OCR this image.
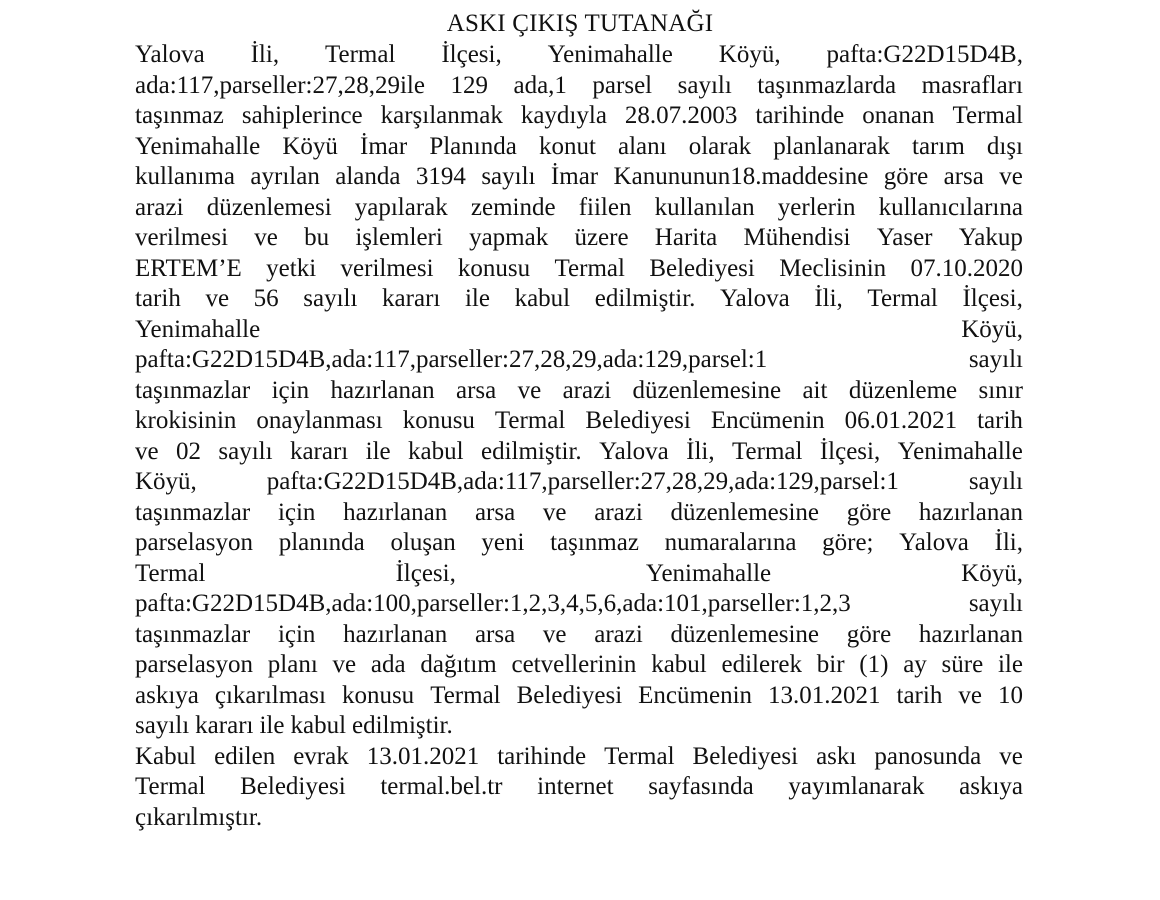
ASKI ÇIKIŞ TUTANAĞI
Yalova İli, Termal İlçesi, Yenimahalle Köyü, pafta:G22D15D4B,
ada:117,parseller:27,28,29ile 129 ada,1 parsel sayılı taşınmazlarda masrafları
taşınmaz sahiplerince karşılanmak kaydıyla 28.07.2003 tarihinde onanan Termal
Yenimahalle Köyü İmar Planında konut alanı olarak planlanarak tarım dışı
kullanıma ayrılan alanda 3194 sayılı İmar Kanununun18.maddesine göre arsa ve
arazi düzenlemesi yapılarak zeminde fiilen kullanılan yerlerin kullanıcılarına
verilmesi ve bu işlemleri yapmak üzere Harita Mühendisi Yaser Yakup
ERTEM’E yetki verilmesi konusu Termal Belediyesi Meclisinin 07.10.2020
tarih ve 56 sayılı kararı ile kabul edilmiştir. Yalova İli, Termal İlçesi,
Yenimahalle	Köyü,
pafta:G22D15D4B,ada:117,parseller:27,28,29,ada:129,parsel:1	sayılı
taşınmazlar için hazırlanan arsa ve arazi düzenlemesine ait düzenleme sınır
krokisinin onaylanması konusu Termal Belediyesi Encümenin 06.01.2021 tarih
ve 02 sayılı kararı ile kabul edilmiştir. Yalova İli, Termal İlçesi, Yenimahalle
Köyü,	pafta:G22D15D4B,ada:117,parseller:27,28,29,ada:129,parsel:1	sayılı
taşınmazlar için hazırlanan arsa ve arazi düzenlemesine göre hazırlanan
parselasyon planında oluşan yeni taşınmaz numaralarına göre; Yalova İli,
Termal	İlçesi,	Yenimahalle	Köyü,
pafta:G22D15D4B,ada:100,parseller:1,2,3,4,5,6,ada:101,parseller:1,2,3	sayılı
taşınmazlar için hazırlanan arsa ve arazi düzenlemesine göre hazırlanan
parselasyon planı ve ada dağıtım cetvellerinin kabul edilerek bir (1) ay süre ile
askıya çıkarılması konusu Termal Belediyesi Encümenin 13.01.2021 tarih ve 10
sayılı kararı ile kabul edilmiştir.
Kabul edilen evrak 13.01.2021 tarihinde Termal Belediyesi askı panosunda ve
Termal Belediyesi termal.bel.tr internet sayfasında yayımlanarak askıya
çıkarılmıştır.
